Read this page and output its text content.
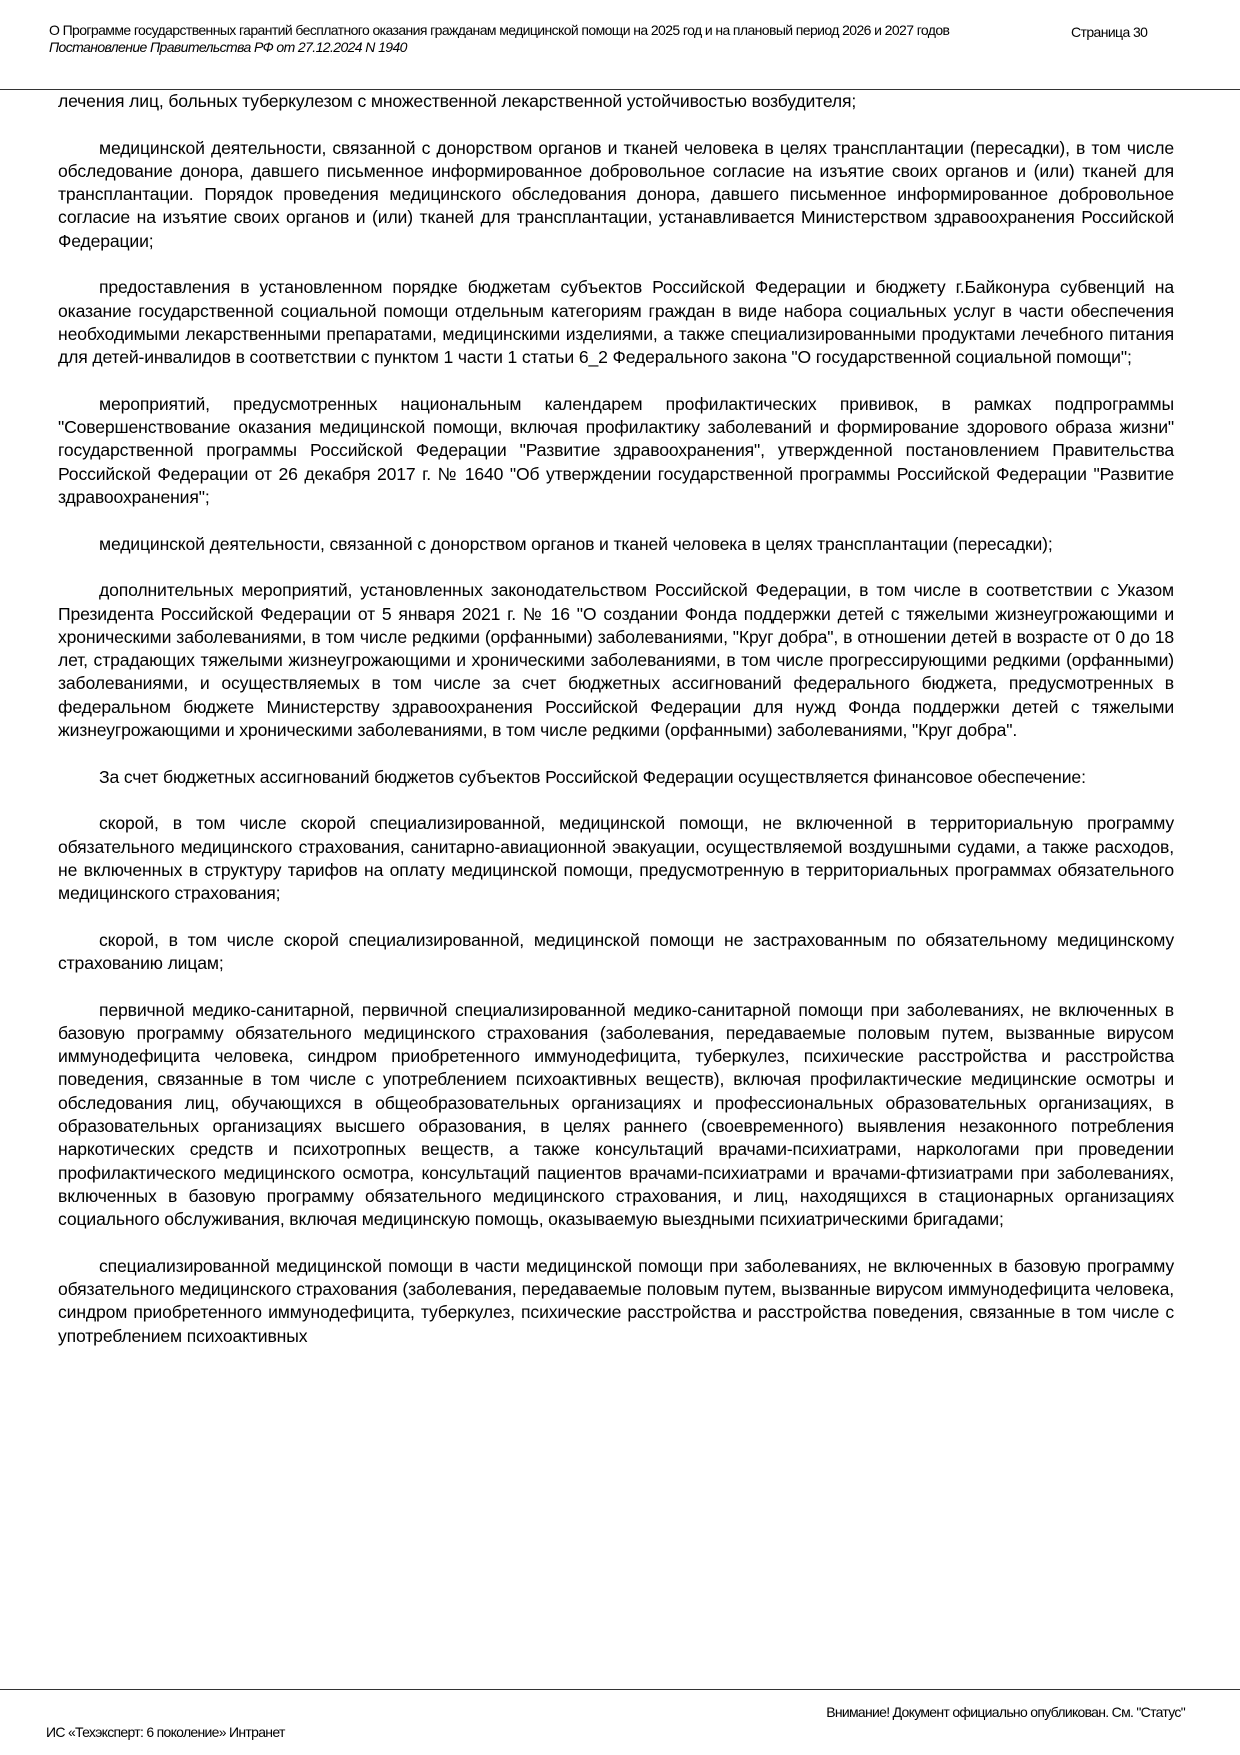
О Программе государственных гарантий бесплатного оказания гражданам медицинской помощи на 2025 год и на плановый период 2026 и 2027 годов
Постановление Правительства РФ от 27.12.2024 N 1940
Страница 30

лечения лиц, больных туберкулезом с множественной лекарственной устойчивостью возбудителя;

медицинской деятельности, связанной с донорством органов и тканей человека в целях трансплантации (пересадки), в том числе обследование донора, давшего письменное информированное добровольное согласие на изъятие своих органов и (или) тканей для трансплантации. Порядок проведения медицинского обследования донора, давшего письменное информированное добровольное согласие на изъятие своих органов и (или) тканей для трансплантации, устанавливается Министерством здравоохранения Российской Федерации;

предоставления в установленном порядке бюджетам субъектов Российской Федерации и бюджету г.Байконура субвенций на оказание государственной социальной помощи отдельным категориям граждан в виде набора социальных услуг в части обеспечения необходимыми лекарственными препаратами, медицинскими изделиями, а также специализированными продуктами лечебного питания для детей-инвалидов в соответствии с пунктом 1 части 1 статьи 6_2 Федерального закона "О государственной социальной помощи";

мероприятий, предусмотренных национальным календарем профилактических прививок, в рамках подпрограммы "Совершенствование оказания медицинской помощи, включая профилактику заболеваний и формирование здорового образа жизни" государственной программы Российской Федерации "Развитие здравоохранения", утвержденной постановлением Правительства Российской Федерации от 26 декабря 2017 г. № 1640 "Об утверждении государственной программы Российской Федерации "Развитие здравоохранения";

медицинской деятельности, связанной с донорством органов и тканей человека в целях трансплантации (пересадки);

дополнительных мероприятий, установленных законодательством Российской Федерации, в том числе в соответствии с Указом Президента Российской Федерации от 5 января 2021 г. № 16 "О создании Фонда поддержки детей с тяжелыми жизнеугрожающими и хроническими заболеваниями, в том числе редкими (орфанными) заболеваниями, "Круг добра", в отношении детей в возрасте от 0 до 18 лет, страдающих тяжелыми жизнеугрожающими и хроническими заболеваниями, в том числе прогрессирующими редкими (орфанными) заболеваниями, и осуществляемых в том числе за счет бюджетных ассигнований федерального бюджета, предусмотренных в федеральном бюджете Министерству здравоохранения Российской Федерации для нужд Фонда поддержки детей с тяжелыми жизнеугрожающими и хроническими заболеваниями, в том числе редкими (орфанными) заболеваниями, "Круг добра".

За счет бюджетных ассигнований бюджетов субъектов Российской Федерации осуществляется финансовое обеспечение:

скорой, в том числе скорой специализированной, медицинской помощи, не включенной в территориальную программу обязательного медицинского страхования, санитарно-авиационной эвакуации, осуществляемой воздушными судами, а также расходов, не включенных в структуру тарифов на оплату медицинской помощи, предусмотренную в территориальных программах обязательного медицинского страхования;

скорой, в том числе скорой специализированной, медицинской помощи не застрахованным по обязательному медицинскому страхованию лицам;

первичной медико-санитарной, первичной специализированной медико-санитарной помощи при заболеваниях, не включенных в базовую программу обязательного медицинского страхования (заболевания, передаваемые половым путем, вызванные вирусом иммунодефицита человека, синдром приобретенного иммунодефицита, туберкулез, психические расстройства и расстройства поведения, связанные в том числе с употреблением психоактивных веществ), включая профилактические медицинские осмотры и обследования лиц, обучающихся в общеобразовательных организациях и профессиональных образовательных организациях, в образовательных организациях высшего образования, в целях раннего (своевременного) выявления незаконного потребления наркотических средств и психотропных веществ, а также консультаций врачами-психиатрами, наркологами при проведении профилактического медицинского осмотра, консультаций пациентов врачами-психиатрами и врачами-фтизиатрами при заболеваниях, включенных в базовую программу обязательного медицинского страхования, и лиц, находящихся в стационарных организациях социального обслуживания, включая медицинскую помощь, оказываемую выездными психиатрическими бригадами;

специализированной медицинской помощи в части медицинской помощи при заболеваниях, не включенных в базовую программу обязательного медицинского страхования (заболевания, передаваемые половым путем, вызванные вирусом иммунодефицита человека, синдром приобретенного иммунодефицита, туберкулез, психические расстройства и расстройства поведения, связанные в том числе с употреблением психоактивных

Внимание! Документ официально опубликован. См. "Статус"
ИС «Техэксперт: 6 поколение» Интранет
